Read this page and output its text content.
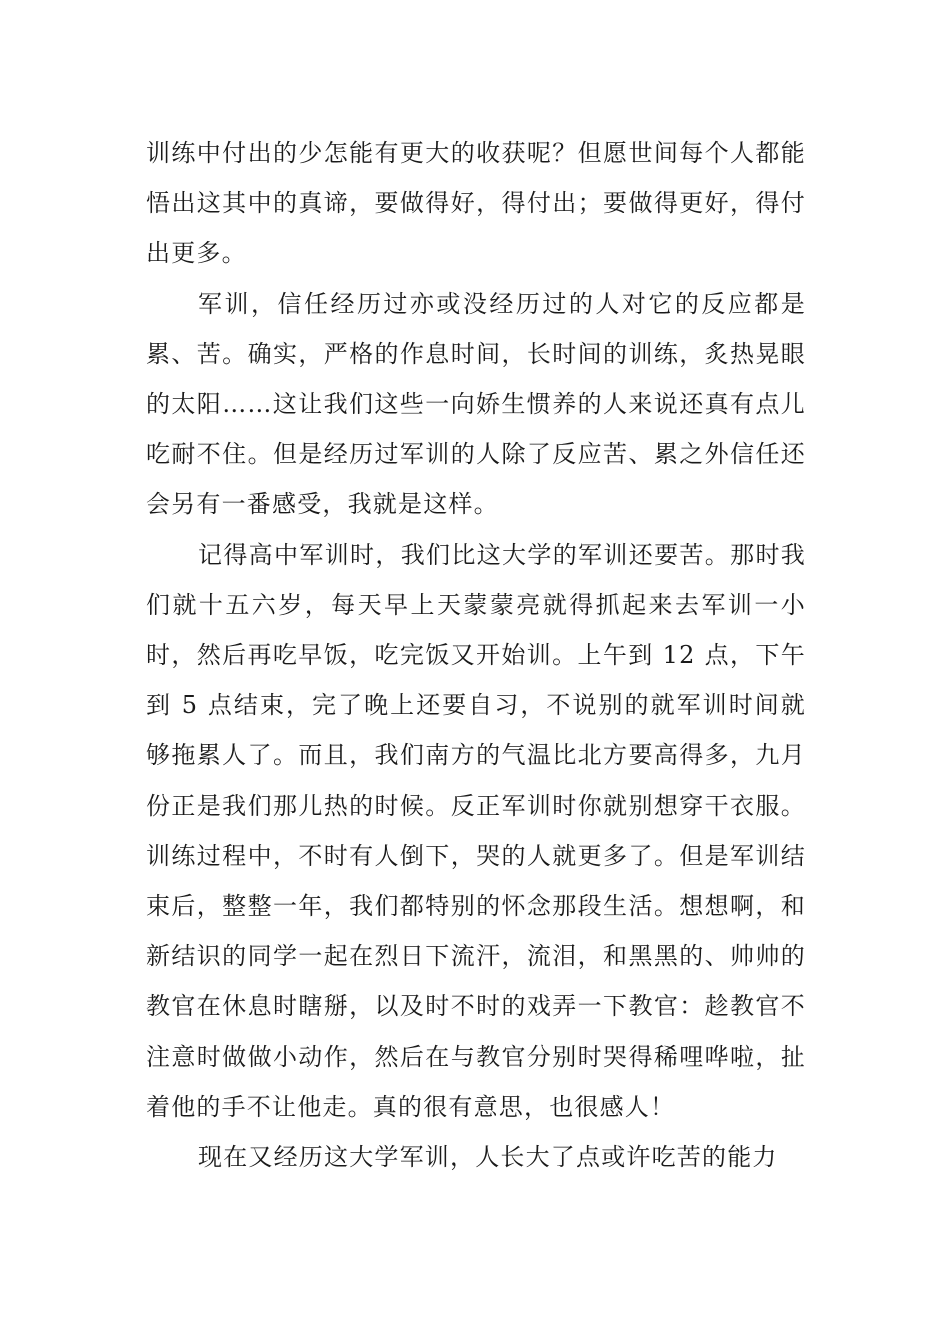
训练中付出的少怎能有更大的收获呢？但愿世间每个人都能悟出这其中的真谛，要做得好，得付出；要做得更好，得付出更多。

军训，信任经历过亦或没经历过的人对它的反应都是累、苦。确实，严格的作息时间，长时间的训练，炙热晃眼的太阳……这让我们这些一向娇生惯养的人来说还真有点儿吃耐不住。但是经历过军训的人除了反应苦、累之外信任还会另有一番感受，我就是这样。

记得高中军训时，我们比这大学的军训还要苦。那时我们就十五六岁，每天早上天蒙蒙亮就得抓起来去军训一小时，然后再吃早饭，吃完饭又开始训。上午到 12 点，下午到 5 点结束，完了晚上还要自习，不说别的就军训时间就够拖累人了。而且，我们南方的气温比北方要高得多，九月份正是我们那儿热的时候。反正军训时你就别想穿干衣服。训练过程中，不时有人倒下，哭的人就更多了。但是军训结束后，整整一年，我们都特别的怀念那段生活。想想啊，和新结识的同学一起在烈日下流汗，流泪，和黑黑的、帅帅的教官在休息时瞎掰，以及时不时的戏弄一下教官：趁教官不注意时做做小动作，然后在与教官分别时哭得稀哩哗啦，扯着他的手不让他走。真的很有意思，也很感人！

现在又经历这大学军训，人长大了点或许吃苦的能力
